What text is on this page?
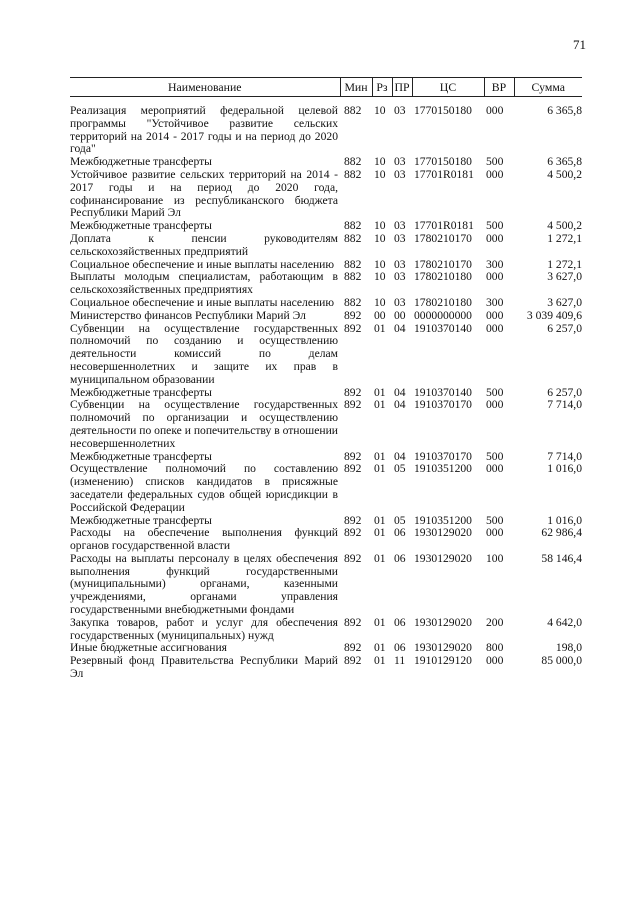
71
Наименование	Мин	Рз	ПР	ЦС	ВР	Сумма
Реализация мероприятий федеральной целевой программы "Устойчивое развитие сельских территорий на 2014 - 2017 годы и на период до 2020 года"	882	10	03	1770150180	000	6 365,8
Межбюджетные трансферты	882	10	03	1770150180	500	6 365,8
Устойчивое развитие сельских территорий на 2014 - 2017 годы и на период до 2020 года, софинансирование из республиканского бюджета Республики Марий Эл	882	10	03	17701R0181	000	4 500,2
Межбюджетные трансферты	882	10	03	17701R0181	500	4 500,2
Доплата к пенсии руководителям сельскохозяйственных предприятий	882	10	03	1780210170	000	1 272,1
Социальное обеспечение и иные выплаты населению	882	10	03	1780210170	300	1 272,1
Выплаты молодым специалистам, работающим в сельскохозяйственных предприятиях	882	10	03	1780210180	000	3 627,0
Социальное обеспечение и иные выплаты населению	882	10	03	1780210180	300	3 627,0
Министерство финансов Республики Марий Эл	892	00	00	0000000000	000	3 039 409,6
Субвенции на осуществление государственных полномочий по созданию и осуществлению деятельности комиссий по делам несовершеннолетних и защите их прав в муниципальном образовании	892	01	04	1910370140	000	6 257,0
Межбюджетные трансферты	892	01	04	1910370140	500	6 257,0
Субвенции на осуществление государственных полномочий по организации и осуществлению деятельности по опеке и попечительству в отношении несовершеннолетних	892	01	04	1910370170	000	7 714,0
Межбюджетные трансферты	892	01	04	1910370170	500	7 714,0
Осуществление полномочий по составлению (изменению) списков кандидатов в присяжные заседатели федеральных судов общей юрисдикции в Российской Федерации	892	01	05	1910351200	000	1 016,0
Межбюджетные трансферты	892	01	05	1910351200	500	1 016,0
Расходы на обеспечение выполнения функций органов государственной власти	892	01	06	1930129020	000	62 986,4
Расходы на выплаты персоналу в целях обеспечения выполнения функций государственными (муниципальными) органами, казенными учреждениями, органами управления государственными внебюджетными фондами	892	01	06	1930129020	100	58 146,4
Закупка товаров, работ и услуг для обеспечения государственных (муниципальных) нужд	892	01	06	1930129020	200	4 642,0
Иные бюджетные ассигнования	892	01	06	1930129020	800	198,0
Резервный фонд Правительства Республики Марий Эл	892	01	11	1910129120	000	85 000,0
